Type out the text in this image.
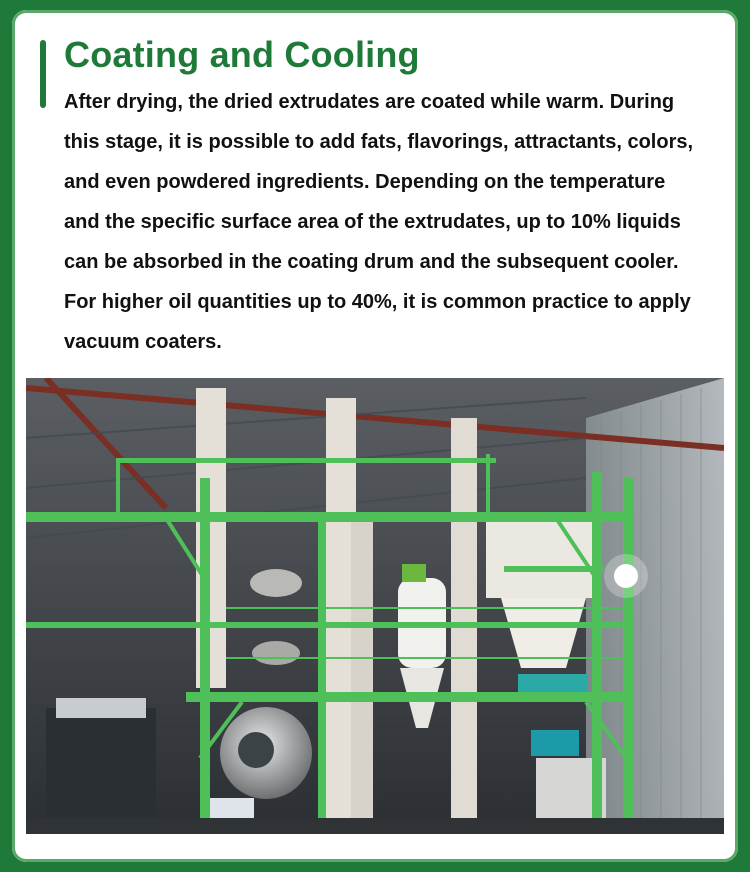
Coating and Cooling

After drying, the dried extrudates are coated while warm. During this stage, it is possible to add fats, flavorings, attractants, colors, and even powdered ingredients. Depending on the temperature and the specific surface area of the extrudates, up to 10% liquids can be absorbed in the coating drum and the subsequent cooler. For higher oil quantities up to 40%, it is common practice to apply vacuum coaters.
